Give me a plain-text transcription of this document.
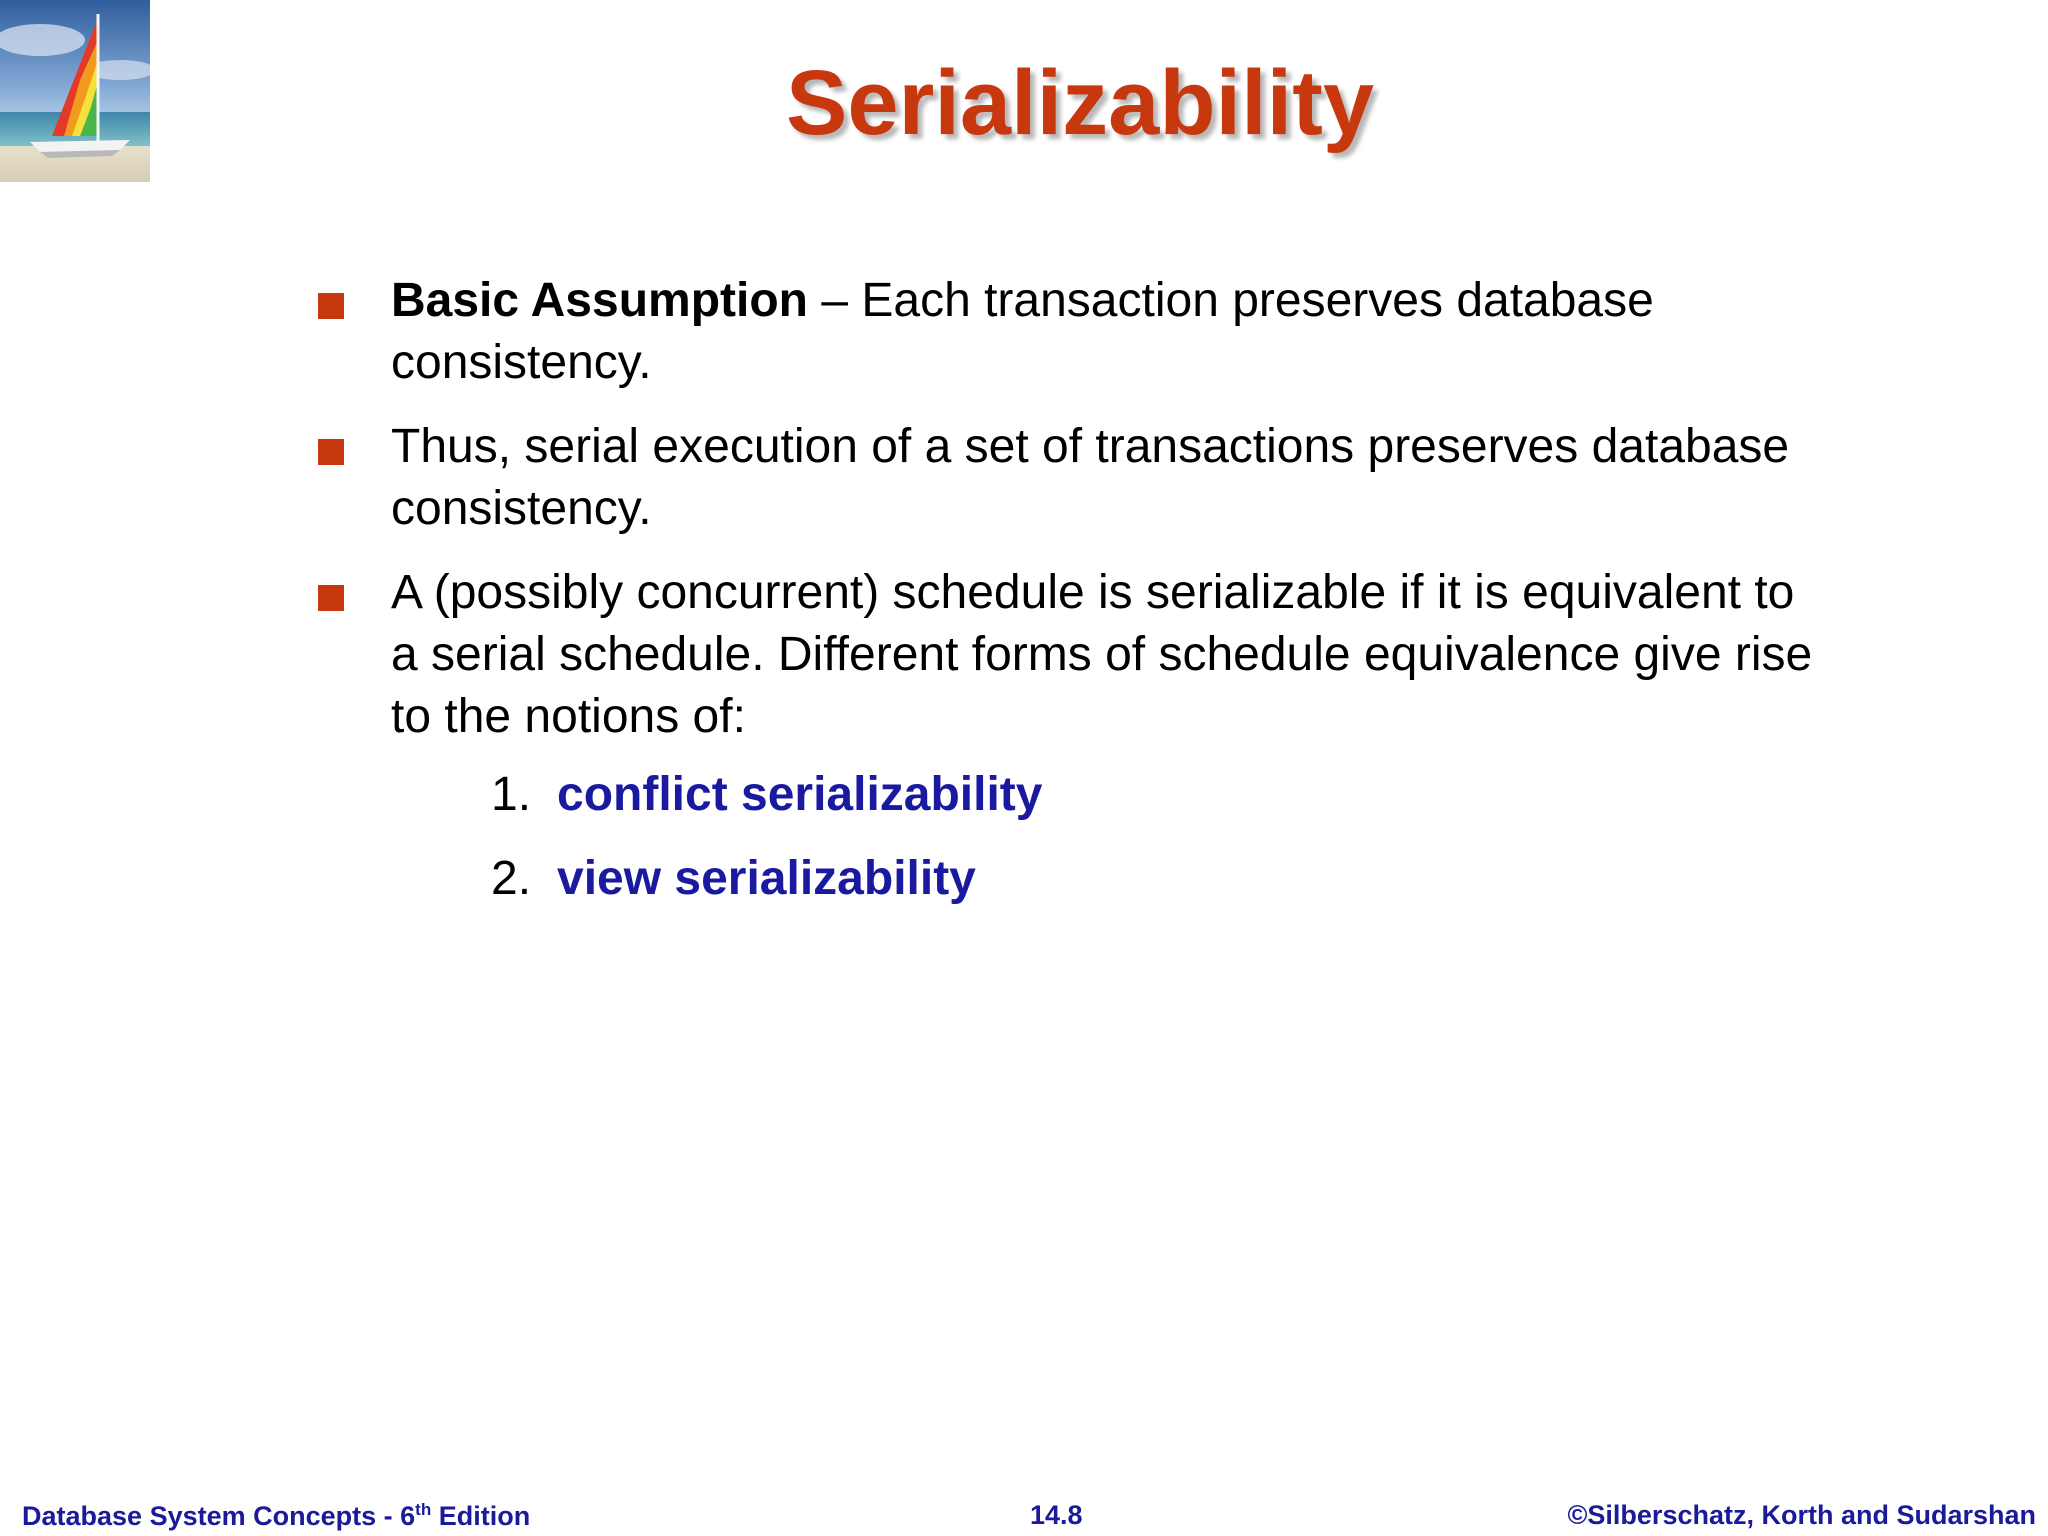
Serializability
Basic Assumption – Each transaction preserves database consistency.
Thus, serial execution of a set of transactions preserves database consistency.
A (possibly concurrent) schedule is serializable if it is equivalent to a serial schedule. Different forms of schedule equivalence give rise to the notions of:
1. conflict serializability
2. view serializability
Database System Concepts - 6th Edition	14.8	©Silberschatz, Korth and Sudarshan
